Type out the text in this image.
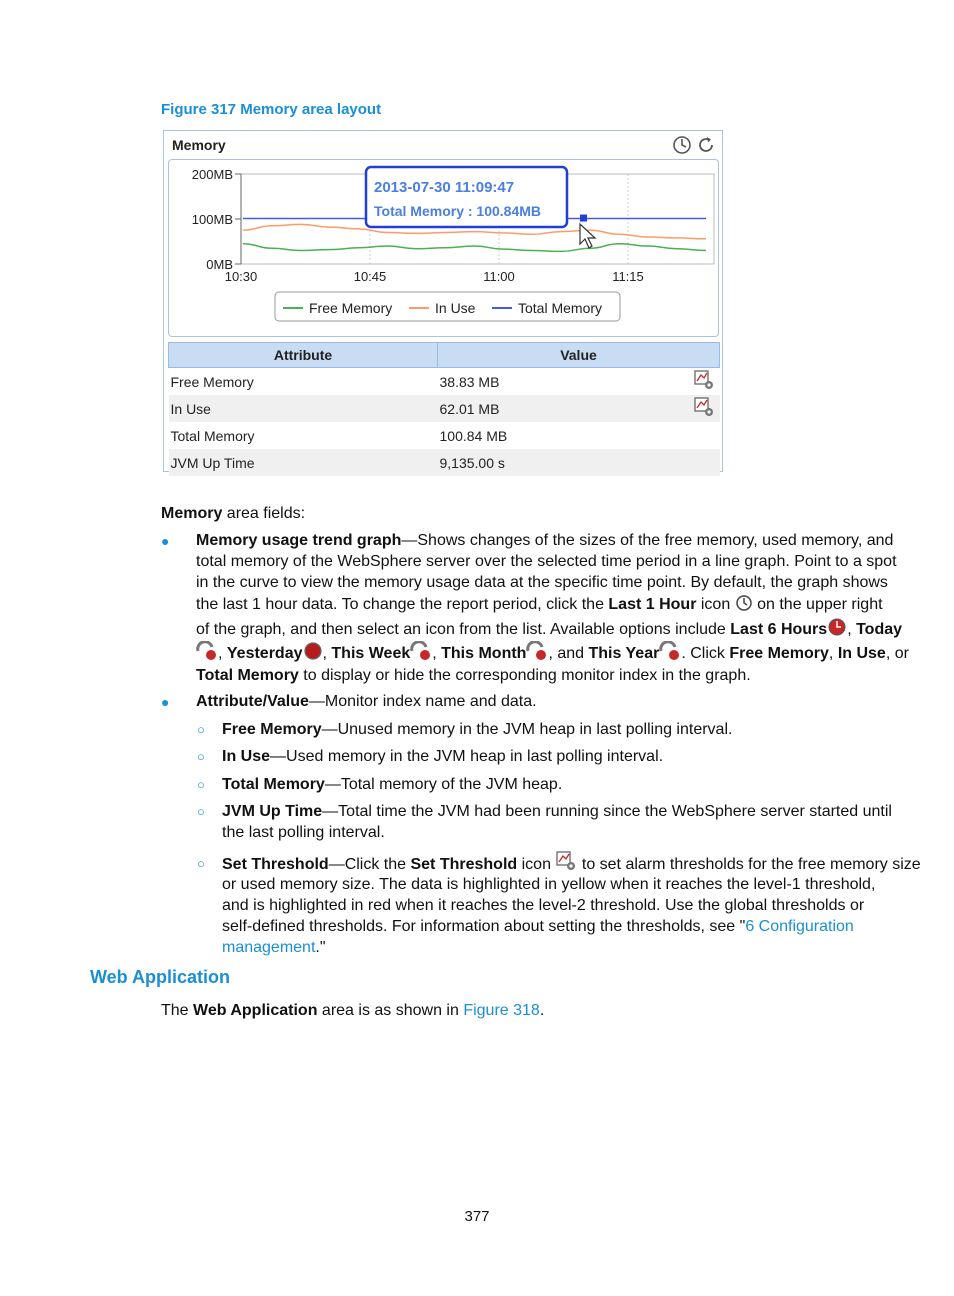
Figure 317 Memory area layout
Memory
200MB
100MB
0MB
10:30	10:45	11:00	11:15
2013-07-30 11:09:47
Total Memory : 100.84MB
Free Memory	In Use	Total Memory
Attribute	Value	
Free Memory	38.83 MB	
In Use	62.01 MB	
Total Memory	100.84 MB	
JVM Up Time	9,135.00 s	
Memory area fields:
● Memory usage trend graph—Shows changes of the sizes of the free memory, used memory, and
total memory of the WebSphere server over the selected time period in a line graph. Point to a spot
in the curve to view the memory usage data at the specific time point. By default, the graph shows
the last 1 hour data. To change the report period, click the Last 1 Hour icon  on the upper right
of the graph, and then select an icon from the list. Available options include Last 6 Hours , Today
, Yesterday , This Week , This Month , and This Year . Click Free Memory, In Use, or
Total Memory to display or hide the corresponding monitor index in the graph.
● Attribute/Value—Monitor index name and data.
○ Free Memory—Unused memory in the JVM heap in last polling interval.
○ In Use—Used memory in the JVM heap in last polling interval.
○ Total Memory—Total memory of the JVM heap.
○ JVM Up Time—Total time the JVM had been running since the WebSphere server started until
the last polling interval.
○ Set Threshold—Click the Set Threshold icon  to set alarm thresholds for the free memory size
or used memory size. The data is highlighted in yellow when it reaches the level-1 threshold,
and is highlighted in red when it reaches the level-2 threshold. Use the global thresholds or
self-defined thresholds. For information about setting the thresholds, see "6 Configuration
management."
Web Application
The Web Application area is as shown in Figure 318.
377
